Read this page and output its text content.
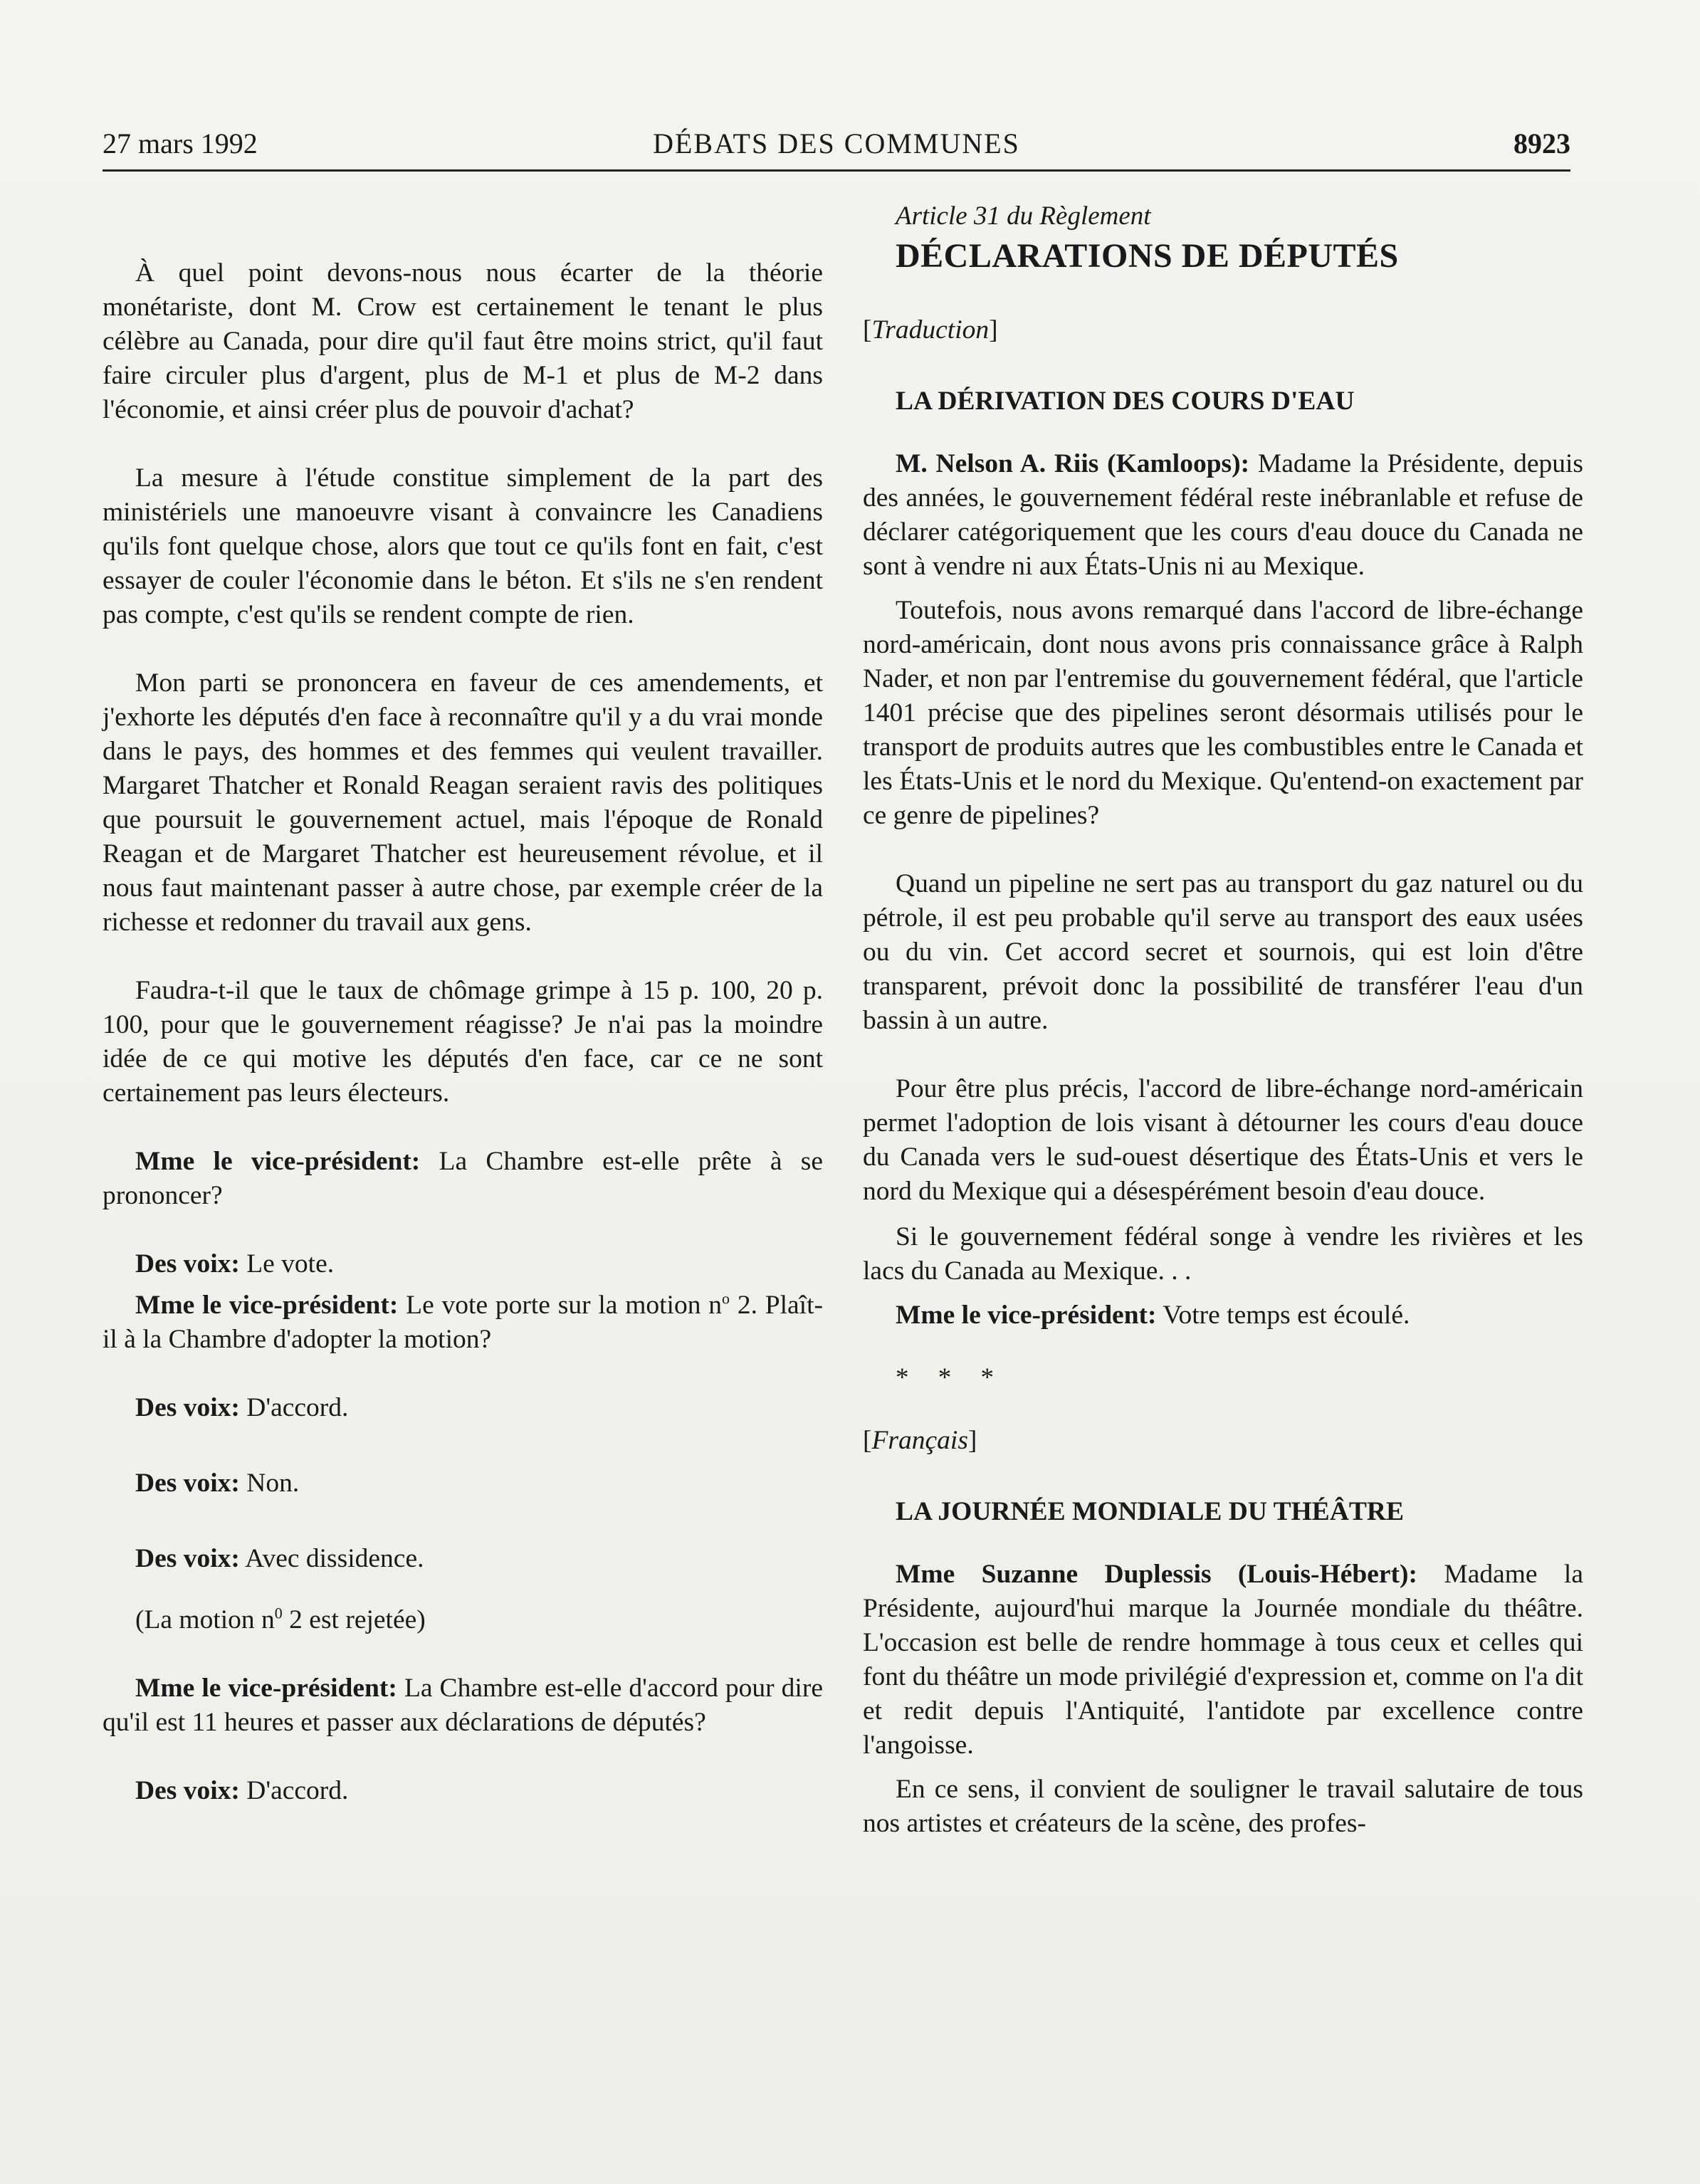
27 mars 1992	DÉBATS DES COMMUNES	8923

À quel point devons-nous nous écarter de la théorie monétariste, dont M. Crow est certainement le tenant le plus célèbre au Canada, pour dire qu'il faut être moins strict, qu'il faut faire circuler plus d'argent, plus de M-1 et plus de M-2 dans l'économie, et ainsi créer plus de pouvoir d'achat?

La mesure à l'étude constitue simplement de la part des ministériels une manoeuvre visant à convaincre les Canadiens qu'ils font quelque chose, alors que tout ce qu'ils font en fait, c'est essayer de couler l'économie dans le béton. Et s'ils ne s'en rendent pas compte, c'est qu'ils se rendent compte de rien.

Mon parti se prononcera en faveur de ces amendements, et j'exhorte les députés d'en face à reconnaître qu'il y a du vrai monde dans le pays, des hommes et des femmes qui veulent travailler. Margaret Thatcher et Ronald Reagan seraient ravis des politiques que poursuit le gouvernement actuel, mais l'époque de Ronald Reagan et de Margaret Thatcher est heureusement révolue, et il nous faut maintenant passer à autre chose, par exemple créer de la richesse et redonner du travail aux gens.

Faudra-t-il que le taux de chômage grimpe à 15 p. 100, 20 p. 100, pour que le gouvernement réagisse? Je n'ai pas la moindre idée de ce qui motive les députés d'en face, car ce ne sont certainement pas leurs électeurs.

Mme le vice-président: La Chambre est-elle prête à se prononcer?

Des voix: Le vote.

Mme le vice-président: Le vote porte sur la motion $n^o$ 2. Plaît-il à la Chambre d'adopter la motion?

Des voix: D'accord.

Des voix: Non.

Des voix: Avec dissidence.

(La motion $n^0$ 2 est rejetée)

Mme le vice-président: La Chambre est-elle d'accord pour dire qu'il est 11 heures et passer aux déclarations de députés?

Des voix: D'accord.

Article 31 du Règlement

DÉCLARATIONS DE DÉPUTÉS

[Traduction]

LA DÉRIVATION DES COURS D'EAU

M. Nelson A. Riis (Kamloops): Madame la Présidente, depuis des années, le gouvernement fédéral reste inébranlable et refuse de déclarer catégoriquement que les cours d'eau douce du Canada ne sont à vendre ni aux États-Unis ni au Mexique.

Toutefois, nous avons remarqué dans l'accord de libre-échange nord-américain, dont nous avons pris connaissance grâce à Ralph Nader, et non par l'entremise du gouvernement fédéral, que l'article 1401 précise que des pipelines seront désormais utilisés pour le transport de produits autres que les combustibles entre le Canada et les États-Unis et le nord du Mexique. Qu'entend-on exactement par ce genre de pipelines?

Quand un pipeline ne sert pas au transport du gaz naturel ou du pétrole, il est peu probable qu'il serve au transport des eaux usées ou du vin. Cet accord secret et sournois, qui est loin d'être transparent, prévoit donc la possibilité de transférer l'eau d'un bassin à un autre.

Pour être plus précis, l'accord de libre-échange nord-américain permet l'adoption de lois visant à détourner les cours d'eau douce du Canada vers le sud-ouest désertique des États-Unis et vers le nord du Mexique qui a désespérément besoin d'eau douce.

Si le gouvernement fédéral songe à vendre les rivières et les lacs du Canada au Mexique. . .

Mme le vice-président: Votre temps est écoulé.

* * *

[Français]

LA JOURNÉE MONDIALE DU THÉÂTRE

Mme Suzanne Duplessis (Louis-Hébert): Madame la Présidente, aujourd'hui marque la Journée mondiale du théâtre. L'occasion est belle de rendre hommage à tous ceux et celles qui font du théâtre un mode privilégié d'expression et, comme on l'a dit et redit depuis l'Antiquité, l'antidote par excellence contre l'angoisse.

En ce sens, il convient de souligner le travail salutaire de tous nos artistes et créateurs de la scène, des profes-
